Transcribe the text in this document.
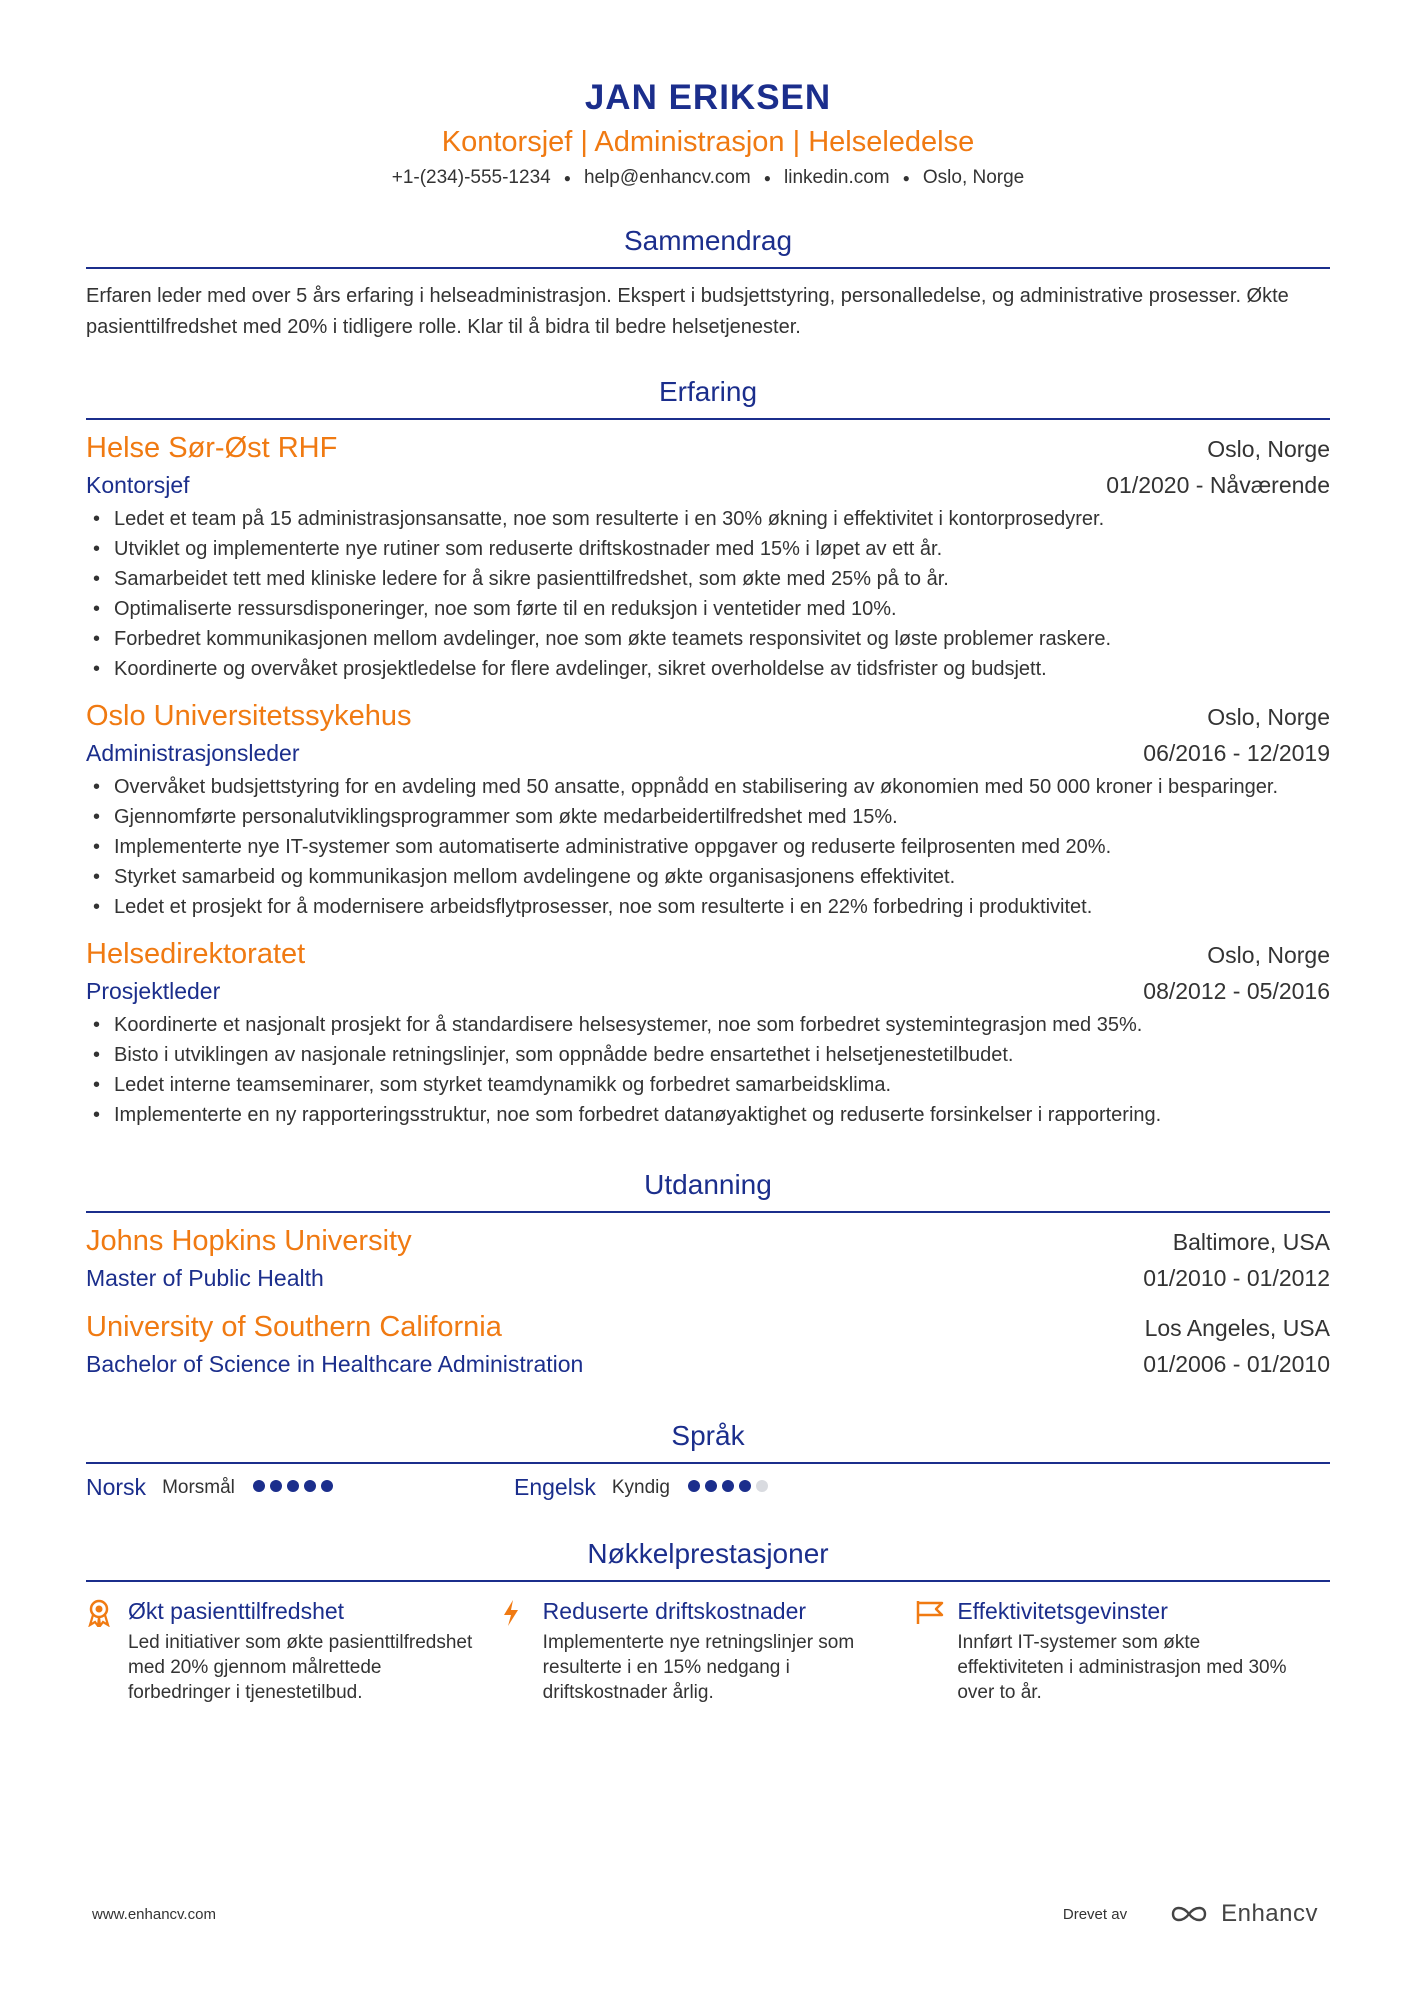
JAN ERIKSEN
Kontorsjef | Administrasjon | Helseledelse
+1-(234)-555-1234 ● help@enhancv.com ● linkedin.com ● Oslo, Norge
Sammendrag
Erfaren leder med over 5 års erfaring i helseadministrasjon. Ekspert i budsjettstyring, personalledelse, og administrative prosesser. Økte pasienttilfredshet med 20% i tidligere rolle. Klar til å bidra til bedre helsetjenester.
Erfaring
Helse Sør-Øst RHF	Oslo, Norge
Kontorsjef	01/2020 - Nåværende
• Ledet et team på 15 administrasjonsansatte, noe som resulterte i en 30% økning i effektivitet i kontorprosedyrer.
• Utviklet og implementerte nye rutiner som reduserte driftskostnader med 15% i løpet av ett år.
• Samarbeidet tett med kliniske ledere for å sikre pasienttilfredshet, som økte med 25% på to år.
• Optimaliserte ressursdisponeringer, noe som førte til en reduksjon i ventetider med 10%.
• Forbedret kommunikasjonen mellom avdelinger, noe som økte teamets responsivitet og løste problemer raskere.
• Koordinerte og overvåket prosjektledelse for flere avdelinger, sikret overholdelse av tidsfrister og budsjett.
Oslo Universitetssykehus	Oslo, Norge
Administrasjonsleder	06/2016 - 12/2019
• Overvåket budsjettstyring for en avdeling med 50 ansatte, oppnådd en stabilisering av økonomien med 50 000 kroner i besparinger.
• Gjennomførte personalutviklingsprogrammer som økte medarbeidertilfredshet med 15%.
• Implementerte nye IT-systemer som automatiserte administrative oppgaver og reduserte feilprosenten med 20%.
• Styrket samarbeid og kommunikasjon mellom avdelingene og økte organisasjonens effektivitet.
• Ledet et prosjekt for å modernisere arbeidsflytprosesser, noe som resulterte i en 22% forbedring i produktivitet.
Helsedirektoratet	Oslo, Norge
Prosjektleder	08/2012 - 05/2016
• Koordinerte et nasjonalt prosjekt for å standardisere helsesystemer, noe som forbedret systemintegrasjon med 35%.
• Bisto i utviklingen av nasjonale retningslinjer, som oppnådde bedre ensartethet i helsetjenestetilbudet.
• Ledet interne teamseminarer, som styrket teamdynamikk og forbedret samarbeidsklima.
• Implementerte en ny rapporteringsstruktur, noe som forbedret datanøyaktighet og reduserte forsinkelser i rapportering.
Utdanning
Johns Hopkins University	Baltimore, USA
Master of Public Health	01/2010 - 01/2012
University of Southern California	Los Angeles, USA
Bachelor of Science in Healthcare Administration	01/2006 - 01/2010
Språk
Norsk Morsmål	Engelsk Kyndig
Nøkkelprestasjoner
Økt pasienttilfredshet
Led initiativer som økte pasienttilfredshet med 20% gjennom målrettede forbedringer i tjenestetilbud.
Reduserte driftskostnader
Implementerte nye retningslinjer som resulterte i en 15% nedgang i driftskostnader årlig.
Effektivitetsgevinster
Innført IT-systemer som økte effektiviteten i administrasjon med 30% over to år.
www.enhancv.com	Drevet av	Enhancv
